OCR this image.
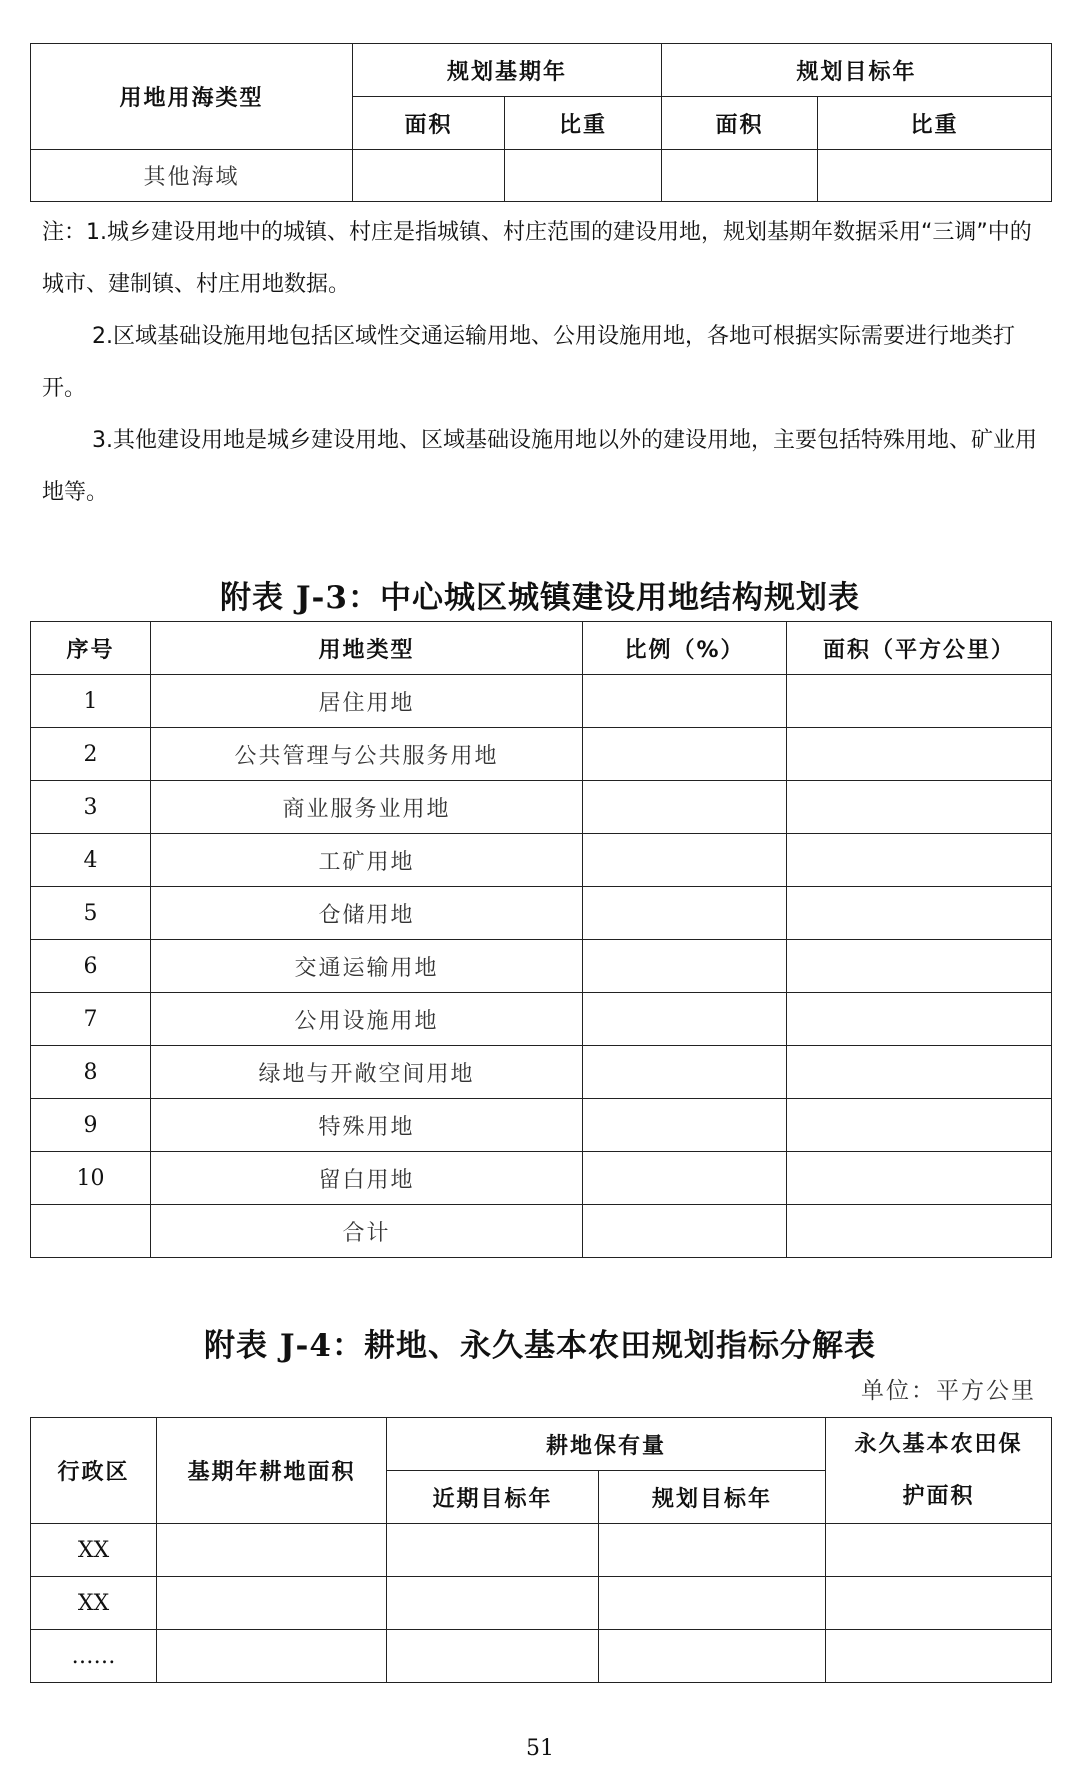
用地用海类型	规划基期年		规划目标年	
	面积	比重	面积	比重
其他海域				

注：1.城乡建设用地中的城镇、村庄是指城镇、村庄范围的建设用地，规划基期年数据采用“三调”中的城市、建制镇、村庄用地数据。

2.区域基础设施用地包括区域性交通运输用地、公用设施用地，各地可根据实际需要进行地类打开。

3.其他建设用地是城乡建设用地、区域基础设施用地以外的建设用地，主要包括特殊用地、矿业用地等。

附表 J-3：中心城区城镇建设用地结构规划表
序号	用地类型	比例（%）	面积（平方公里）
1	居住用地		
2	公共管理与公共服务用地		
3	商业服务业用地		
4	工矿用地		
5	仓储用地		
6	交通运输用地		
7	公用设施用地		
8	绿地与开敞空间用地		
9	特殊用地		
10	留白用地		
	合计		
附表 J-4：耕地、永久基本农田规划指标分解表
单位：平方公里
行政区	基期年耕地面积	耕地保有量		永久基本农田保
护面积

		近期目标年	规划目标年	
XX				
XX				
……				
51
